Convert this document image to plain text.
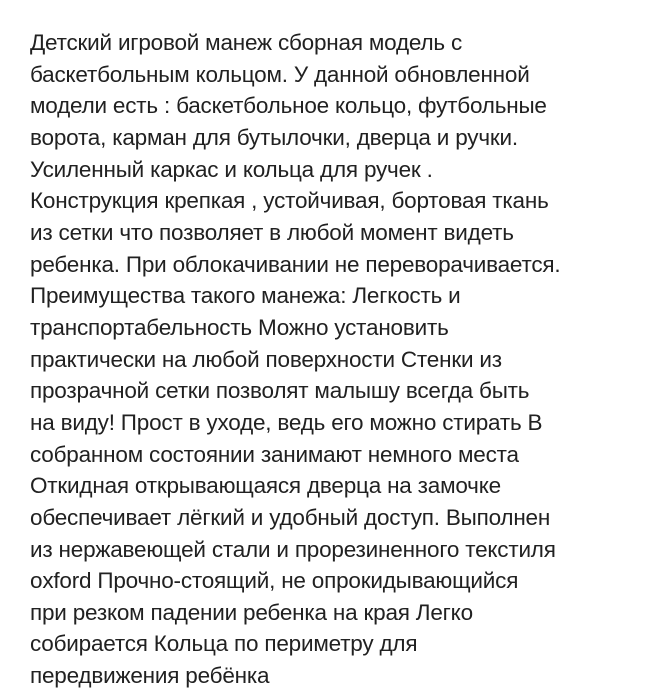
Детский игровой манеж сборная модель с
баскетбольным кольцом. У данной обновленной
модели есть : баскетбольное кольцо, футбольные
ворота, карман для бутылочки, дверца и ручки.
Усиленный каркас и кольца для ручек .
Конструкция крепкая , устойчивая, бортовая ткань
из сетки что позволяет в любой момент видеть
ребенка. При облокачивании не переворачивается.
Преимущества такого манежа: Легкость и
транспортабельность Можно установить
практически на любой поверхности Стенки из
прозрачной сетки позволят малышу всегда быть
на виду! Прост в уходе, ведь его можно стирать В
собранном состоянии занимают немного места
Откидная открывающаяся дверца на замочке
обеспечивает лёгкий и удобный доступ. Выполнен
из нержавеющей стали и прорезиненного текстиля
oxford Прочно-стоящий, не опрокидывающийся
при резком падении ребенка на края Легко
собирается Кольца по периметру для
передвижения ребёнка
